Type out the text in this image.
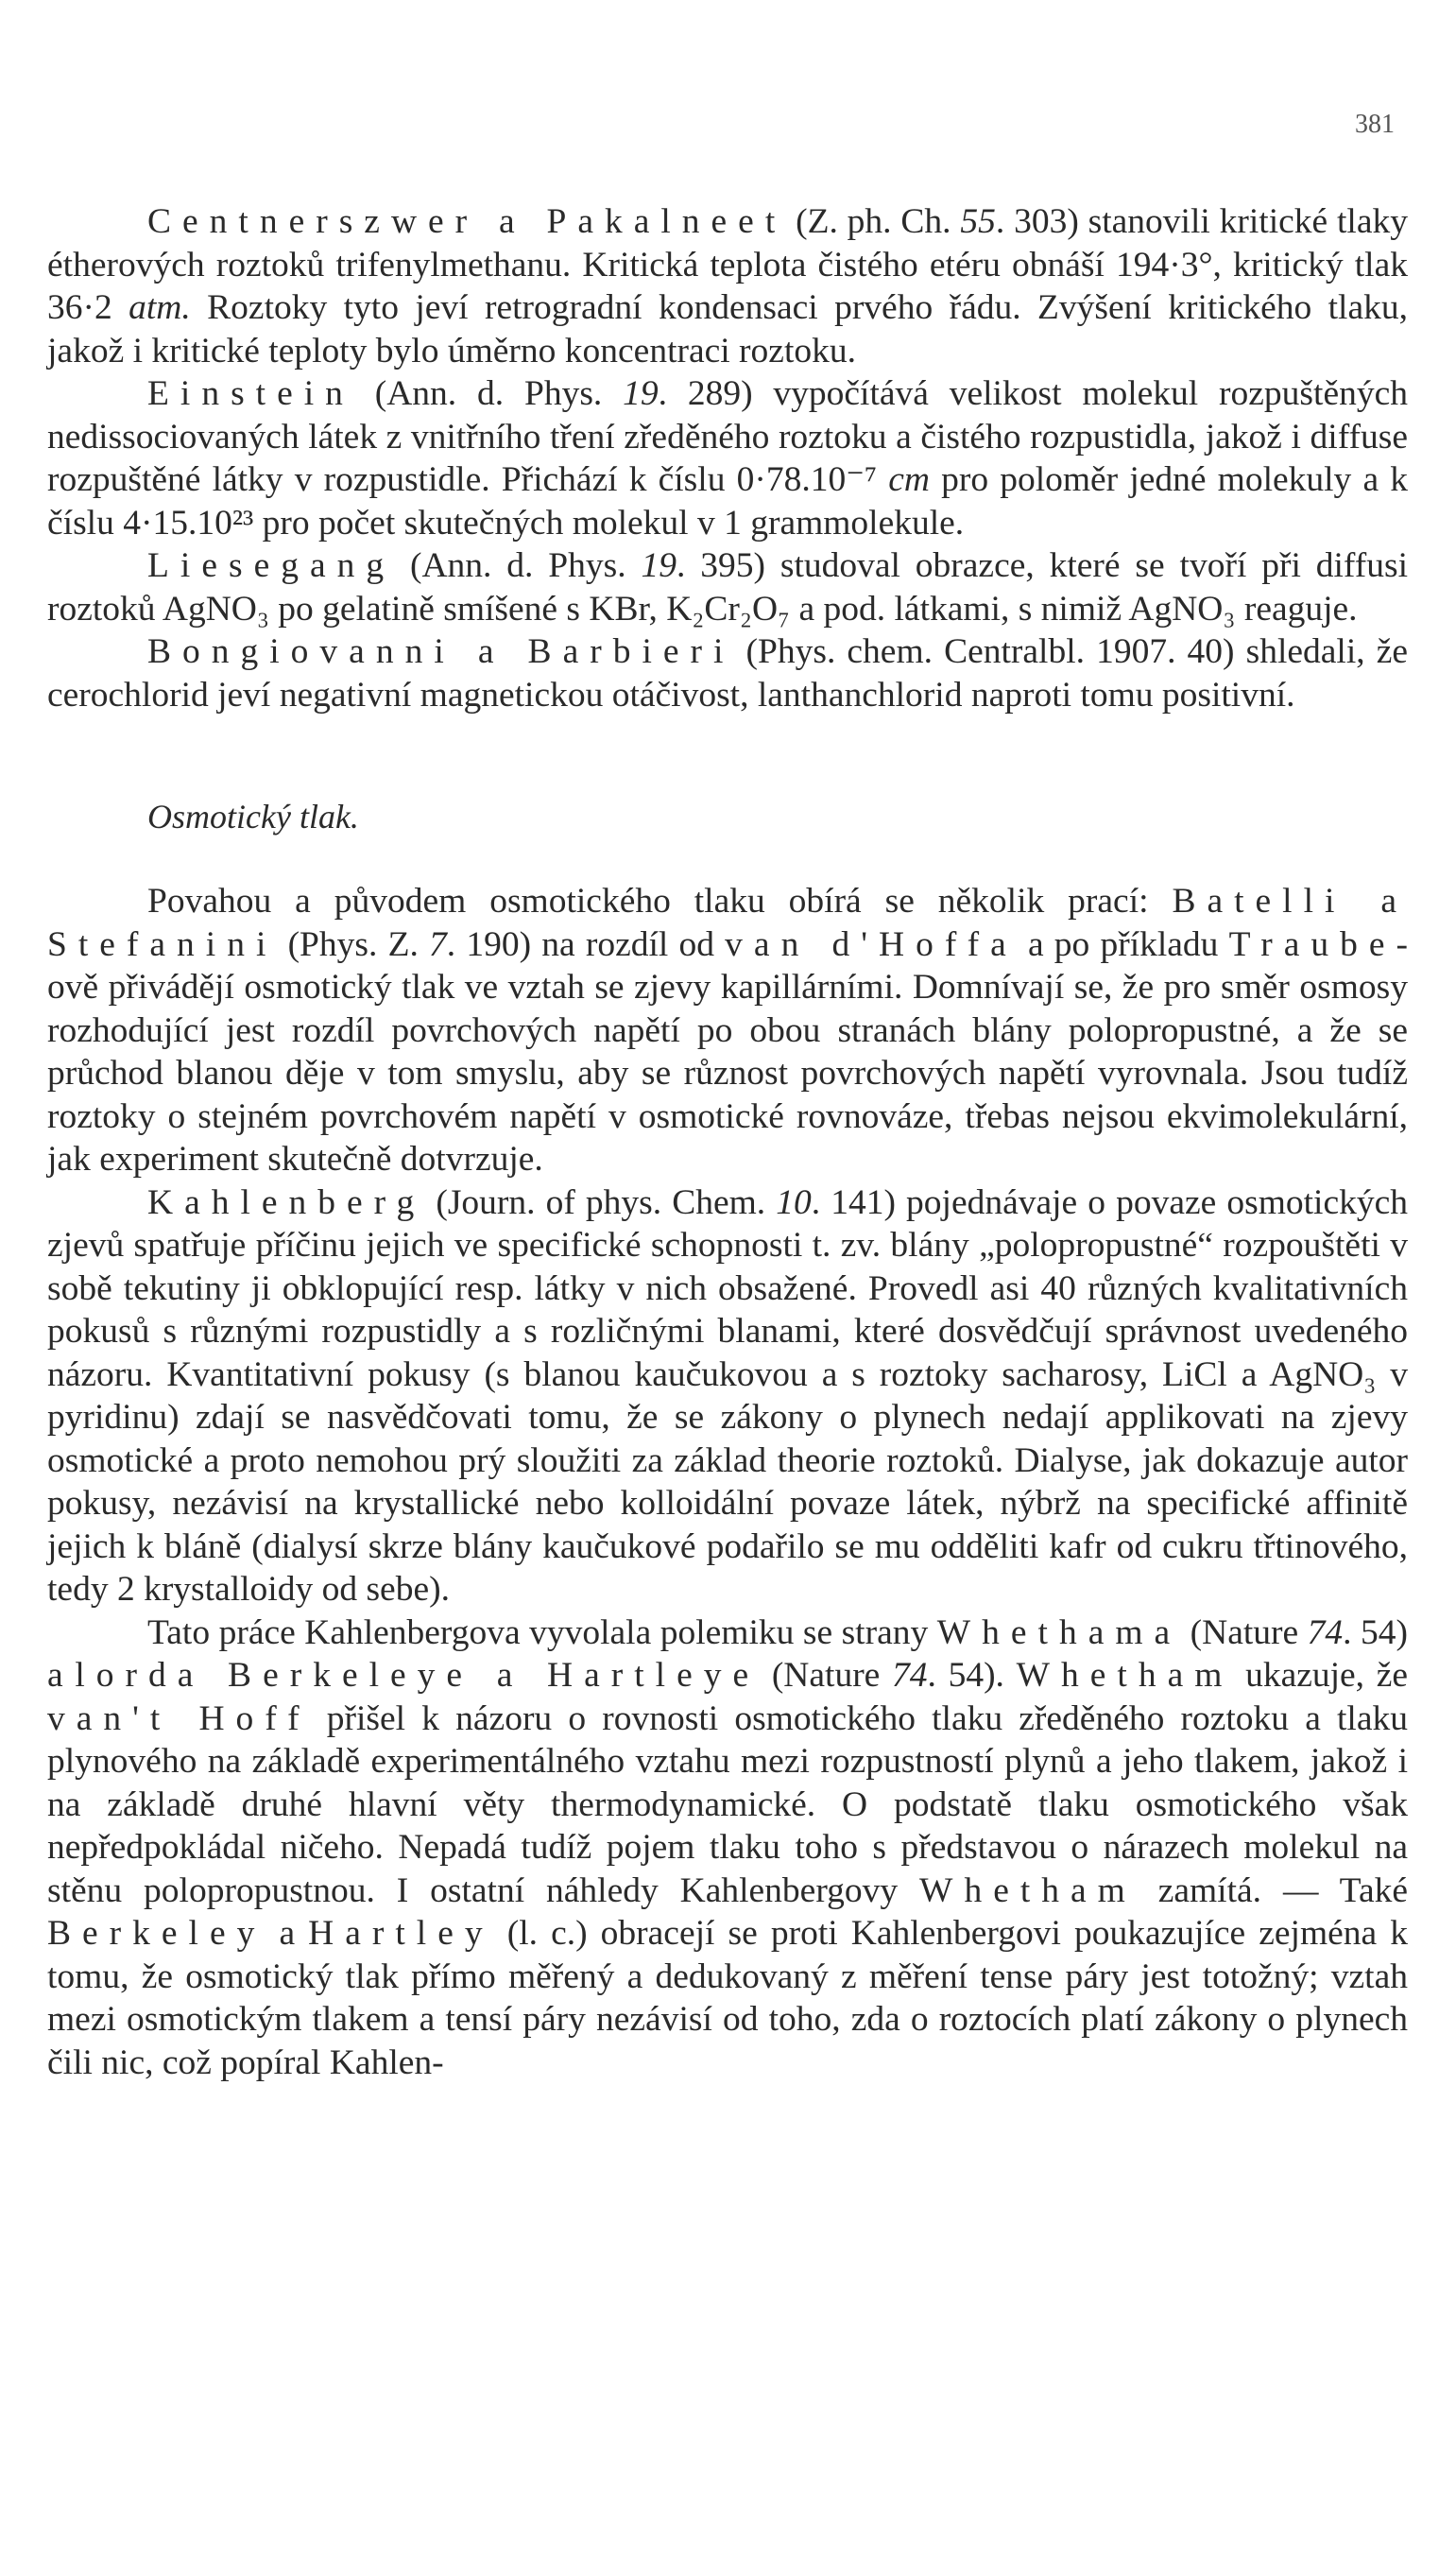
381

Centnerszwer a Pakalneet (Z. ph. Ch. 55. 303) stanovili kritické tlaky étherových roztoků trifenylmethanu. Kritická teplota čistého etéru obnáší 194·3°, kritický tlak 36·2 atm. Roztoky tyto jeví retrogradní kondensaci prvého řádu. Zvýšení kritického tlaku, jakož i kritické teploty bylo úměrno koncentraci roztoku.

Einstein (Ann. d. Phys. 19. 289) vypočítává velikost molekul rozpuštěných nedissociovaných látek z vnitřního tření zředěného roztoku a čistého rozpustidla, jakož i diffuse rozpuštěné látky v rozpustidle. Přichází k číslu 0·78.10⁻⁷ cm pro poloměr jedné molekuly a k číslu 4·15.10²³ pro počet skutečných molekul v 1 grammolekule.

Liesegang (Ann. d. Phys. 19. 395) studoval obrazce, které se tvoří při diffusi roztoků AgNO₃ po gelatině smíšené s KBr, K₂Cr₂O₇ a pod. látkami, s nimiž AgNO₃ reaguje.

Bongiovanni a Barbieri (Phys. chem. Centralbl. 1907. 40) shledali, že cerochlorid jeví negativní magnetickou otáčivost, lanthanchlorid naproti tomu positivní.

Osmotický tlak.

Povahou a původem osmotického tlaku obírá se několik prací: Batelli a Stefanini (Phys. Z. 7. 190) na rozdíl od van d'Hoffa a po příkladu Traube-ově přivádějí osmotický tlak ve vztah se zjevy kapillárními. Domnívají se, že pro směr osmosy rozhodující jest rozdíl povrchových napětí po obou stranách blány polopropustné, a že se průchod blanou děje v tom smyslu, aby se různost povrchových napětí vyrovnala. Jsou tudíž roztoky o stejném povrchovém napětí v osmotické rovnováze, třebas nejsou ekvimolekulární, jak experiment skutečně dotvrzuje.

Kahlenberg (Journ. of phys. Chem. 10. 141) pojednávaje o povaze osmotických zjevů spatřuje příčinu jejich ve specifické schopnosti t. zv. blány „polopropustné“ rozpouštěti v sobě tekutiny ji obklopující resp. látky v nich obsažené. Provedl asi 40 různých kvalitativních pokusů s různými rozpustidly a s rozličnými blanami, které dosvědčují správnost uvedeného názoru. Kvantitativní pokusy (s blanou kaučukovou a s roztoky sacharosy, LiCl a AgNO₃ v pyridinu) zdají se nasvědčovati tomu, že se zákony o plynech nedají applikovati na zjevy osmotické a proto nemohou prý sloužiti za základ theorie roztoků. Dialyse, jak dokazuje autor pokusy, nezávisí na krystallické nebo kolloidální povaze látek, nýbrž na specifické affinitě jejich k bláně (dialysí skrze blány kaučukové podařilo se mu odděliti kafr od cukru třtinového, tedy 2 krystalloidy od sebe).

Tato práce Kahlenbergova vyvolala polemiku se strany Whethama (Nature 74. 54) a lorda Berkeleye a Hartleye (Nature 74. 54). Whetham ukazuje, že van't Hoff přišel k názoru o rovnosti osmotického tlaku zředěného roztoku a tlaku plynového na základě experimentálného vztahu mezi rozpustností plynů a jeho tlakem, jakož i na základě druhé hlavní věty thermodynamické. O podstatě tlaku osmotického však nepředpokládal ničeho. Nepadá tudíž pojem tlaku toho s představou o nárazech molekul na stěnu polopropustnou. I ostatní náhledy Kahlenbergovy Whetham zamítá. — Také Berkeley a Hartley (l. c.) obracejí se proti Kahlenbergovi poukazujíce zejména k tomu, že osmotický tlak přímo měřený a dedukovaný z měření tense páry jest totožný; vztah mezi osmotickým tlakem a tensí páry nezávisí od toho, zda o roztocích platí zákony o plynech čili nic, což popíral Kahlen-
